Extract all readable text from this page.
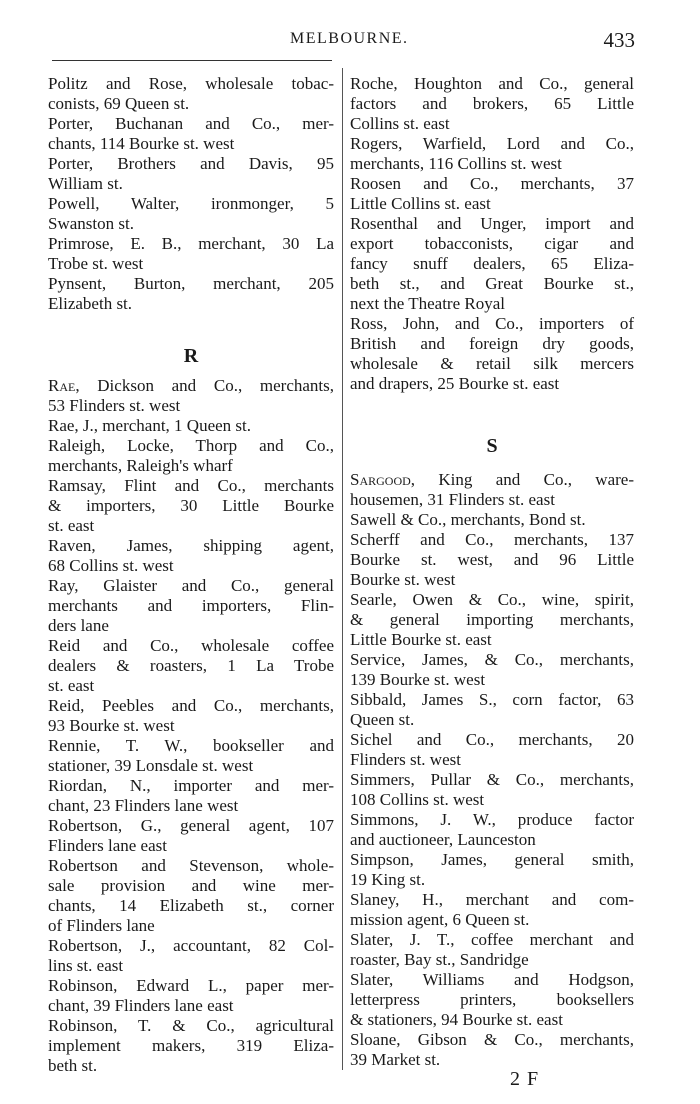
MELBOURNE.	433
Politz and Rose, wholesale tobac-
conists, 69 Queen st.
Porter, Buchanan and Co., mer-
chants, 114 Bourke st. west
Porter, Brothers and Davis, 95
William st.
Powell, Walter, ironmonger, 5
Swanston st.
Primrose, E. B., merchant, 30 La
Trobe st. west
Pynsent, Burton, merchant, 205
Elizabeth st.
R
Rae, Dickson and Co., merchants,
53 Flinders st. west
Rae, J., merchant, 1 Queen st.
Raleigh, Locke, Thorp and Co.,
merchants, Raleigh's wharf
Ramsay, Flint and Co., merchants
& importers, 30 Little Bourke
st. east
Raven, James, shipping agent,
68 Collins st. west
Ray, Glaister and Co., general
merchants and importers, Flin-
ders lane
Reid and Co., wholesale coffee
dealers & roasters, 1 La Trobe
st. east
Reid, Peebles and Co., merchants,
93 Bourke st. west
Rennie, T. W., bookseller and
stationer, 39 Lonsdale st. west
Riordan, N., importer and mer-
chant, 23 Flinders lane west
Robertson, G., general agent, 107
Flinders lane east
Robertson and Stevenson, whole-
sale provision and wine mer-
chants, 14 Elizabeth st., corner
of Flinders lane
Robertson, J., accountant, 82 Col-
lins st. east
Robinson, Edward L., paper mer-
chant, 39 Flinders lane east
Robinson, T. & Co., agricultural
implement makers, 319 Eliza-
beth st.
Roche, Houghton and Co., general
factors and brokers, 65 Little
Collins st. east
Rogers, Warfield, Lord and Co.,
merchants, 116 Collins st. west
Roosen and Co., merchants, 37
Little Collins st. east
Rosenthal and Unger, import and
export tobacconists, cigar and
fancy snuff dealers, 65 Eliza-
beth st., and Great Bourke st.,
next the Theatre Royal
Ross, John, and Co., importers of
British and foreign dry goods,
wholesale & retail silk mercers
and drapers, 25 Bourke st. east
S
Sargood, King and Co., ware-
housemen, 31 Flinders st. east
Sawell & Co., merchants, Bond st.
Scherff and Co., merchants, 137
Bourke st. west, and 96 Little
Bourke st. west
Searle, Owen & Co., wine, spirit,
& general importing merchants,
Little Bourke st. east
Service, James, & Co., merchants,
139 Bourke st. west
Sibbald, James S., corn factor, 63
Queen st.
Sichel and Co., merchants, 20
Flinders st. west
Simmers, Pullar & Co., merchants,
108 Collins st. west
Simmons, J. W., produce factor
and auctioneer, Launceston
Simpson, James, general smith,
19 King st.
Slaney, H., merchant and com-
mission agent, 6 Queen st.
Slater, J. T., coffee merchant and
roaster, Bay st., Sandridge
Slater, Williams and Hodgson,
letterpress printers, booksellers
& stationers, 94 Bourke st. east
Sloane, Gibson & Co., merchants,
39 Market st.
2 F
